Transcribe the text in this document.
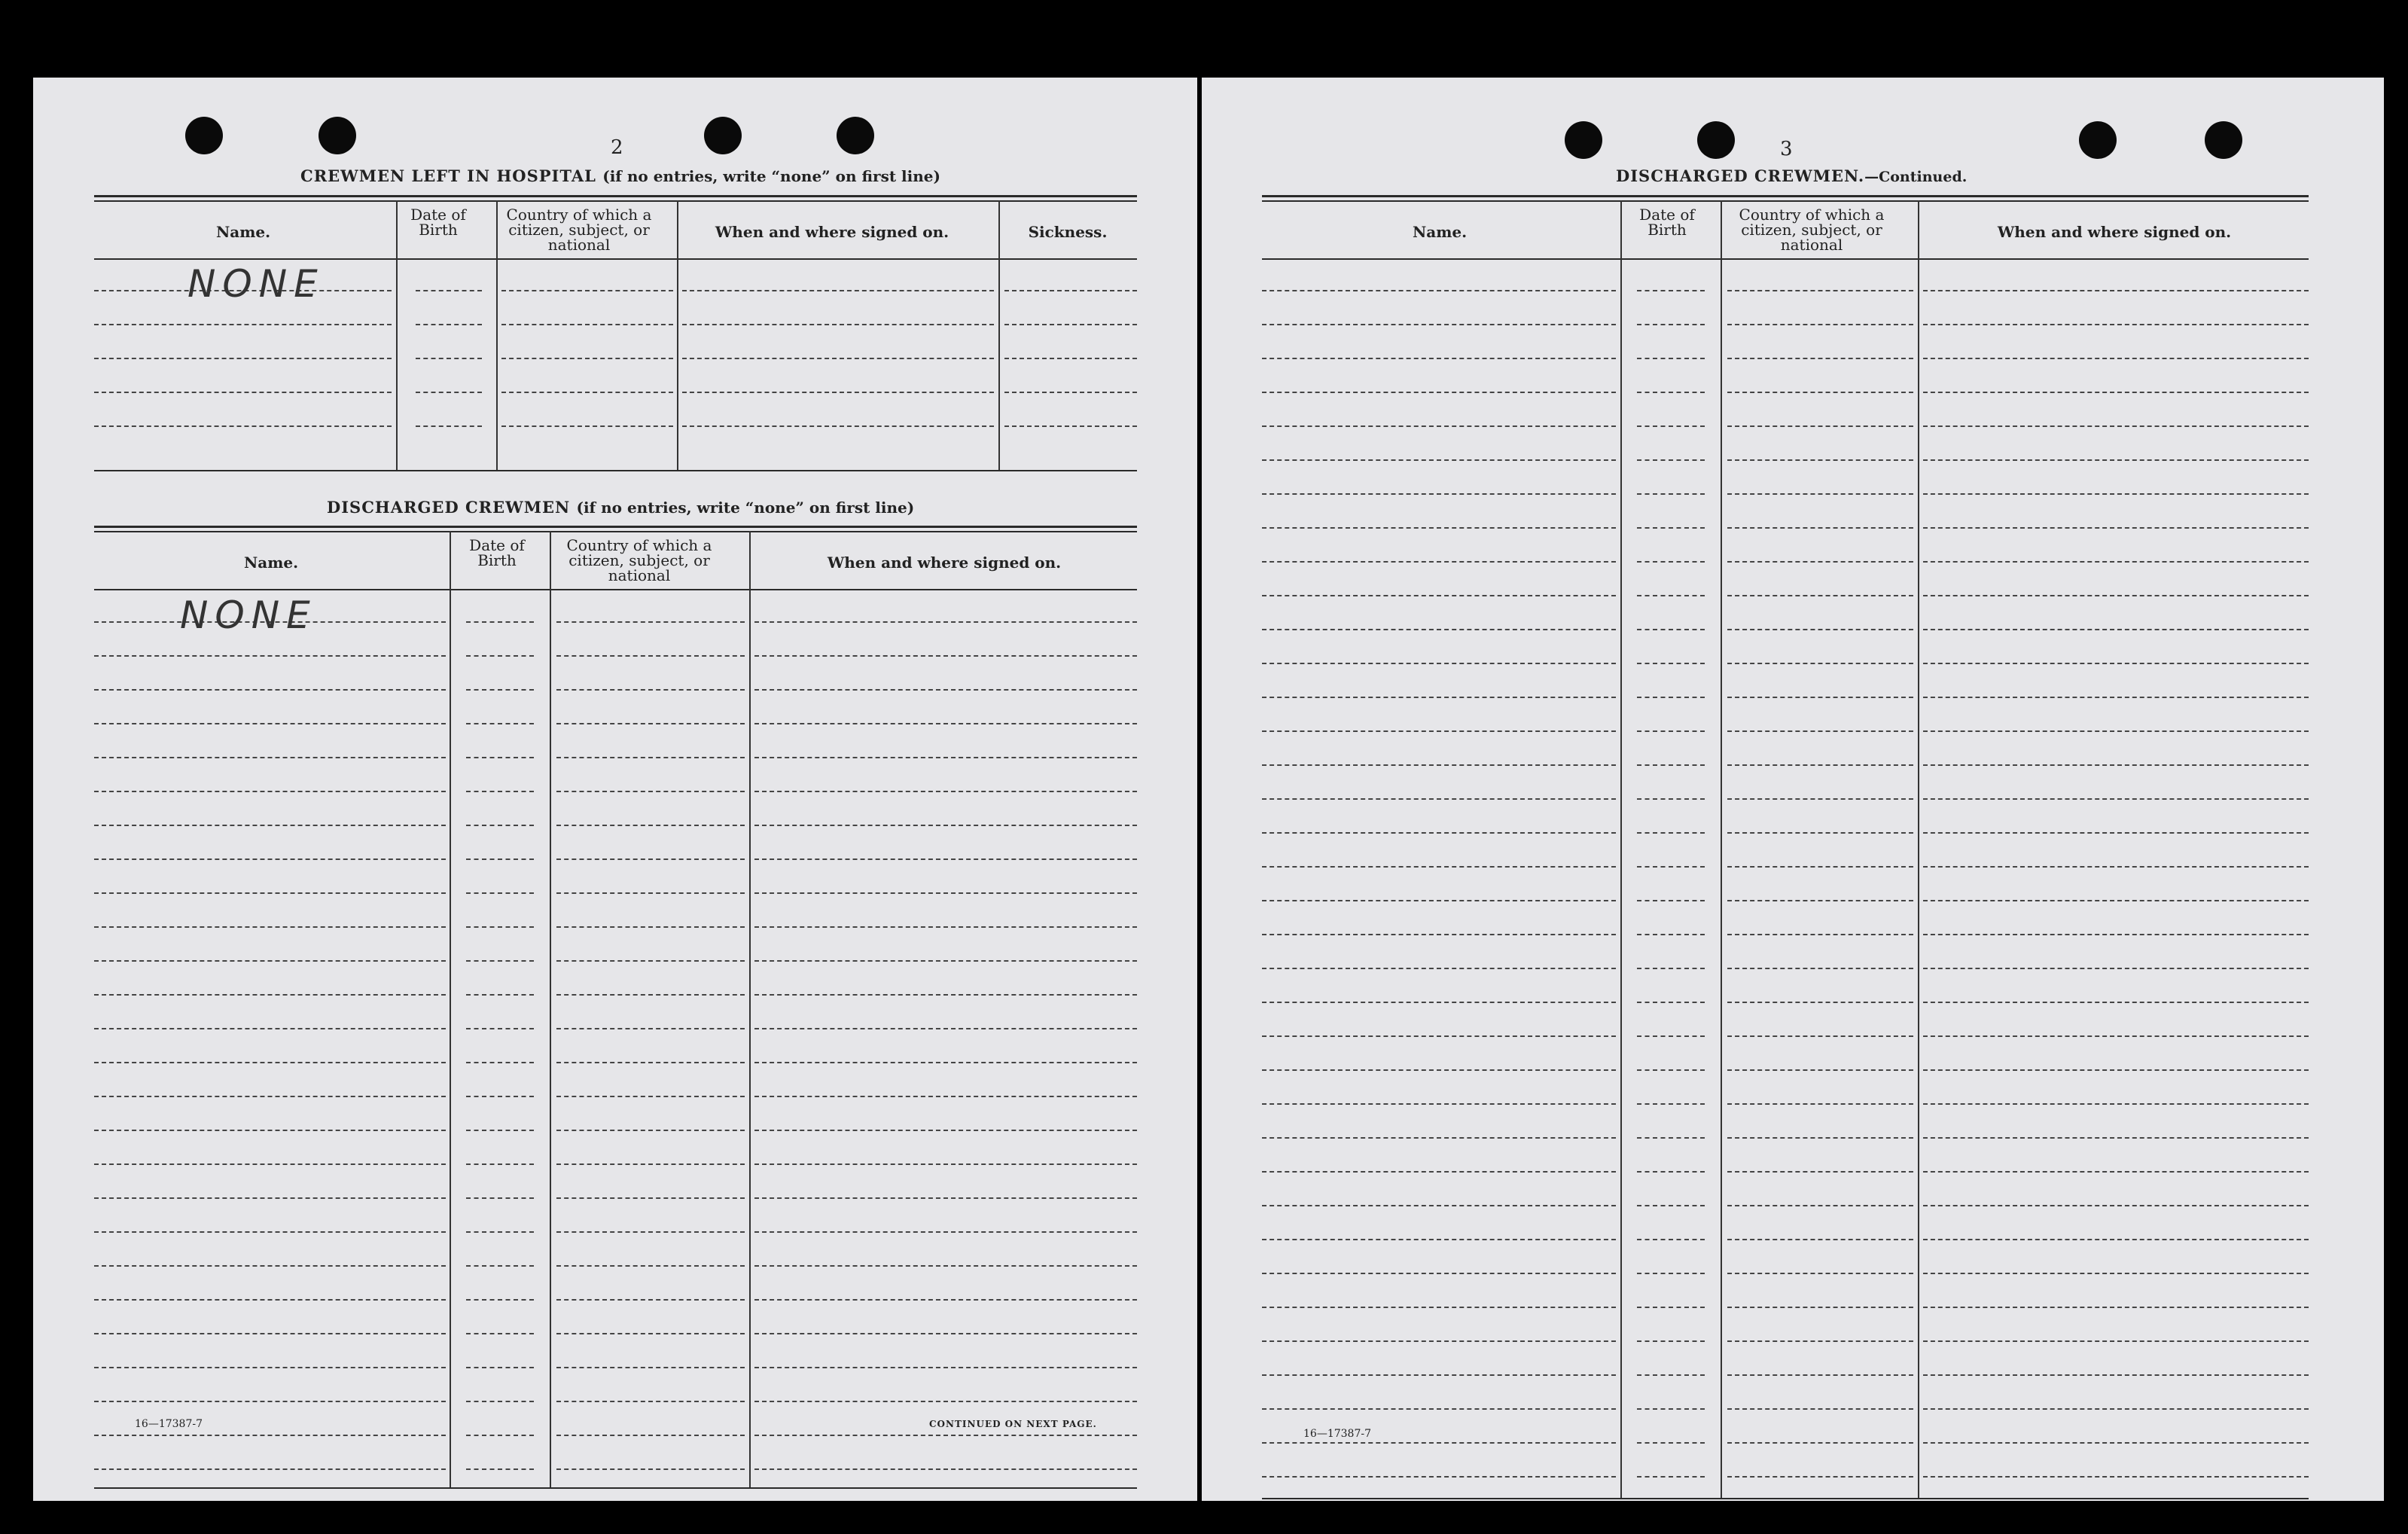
2
CREWMEN LEFT IN HOSPITAL (if no entries, write “none” on first line)
Name.
Date of Birth
Country of which a citizen, subject, or national
When and where signed on.	Sickness.
NONE
DISCHARGED CREWMEN (if no entries, write “none” on first line)
Name.
Date of Birth
Country of which a citizen, subject, or national
When and where signed on.
NONE
16—17387-7	CONTINUED ON NEXT PAGE.
3
DISCHARGED CREWMEN.—Continued.
Name.
Date of Birth
Country of which a citizen, subject, or national
When and where signed on.
16—17387-7
